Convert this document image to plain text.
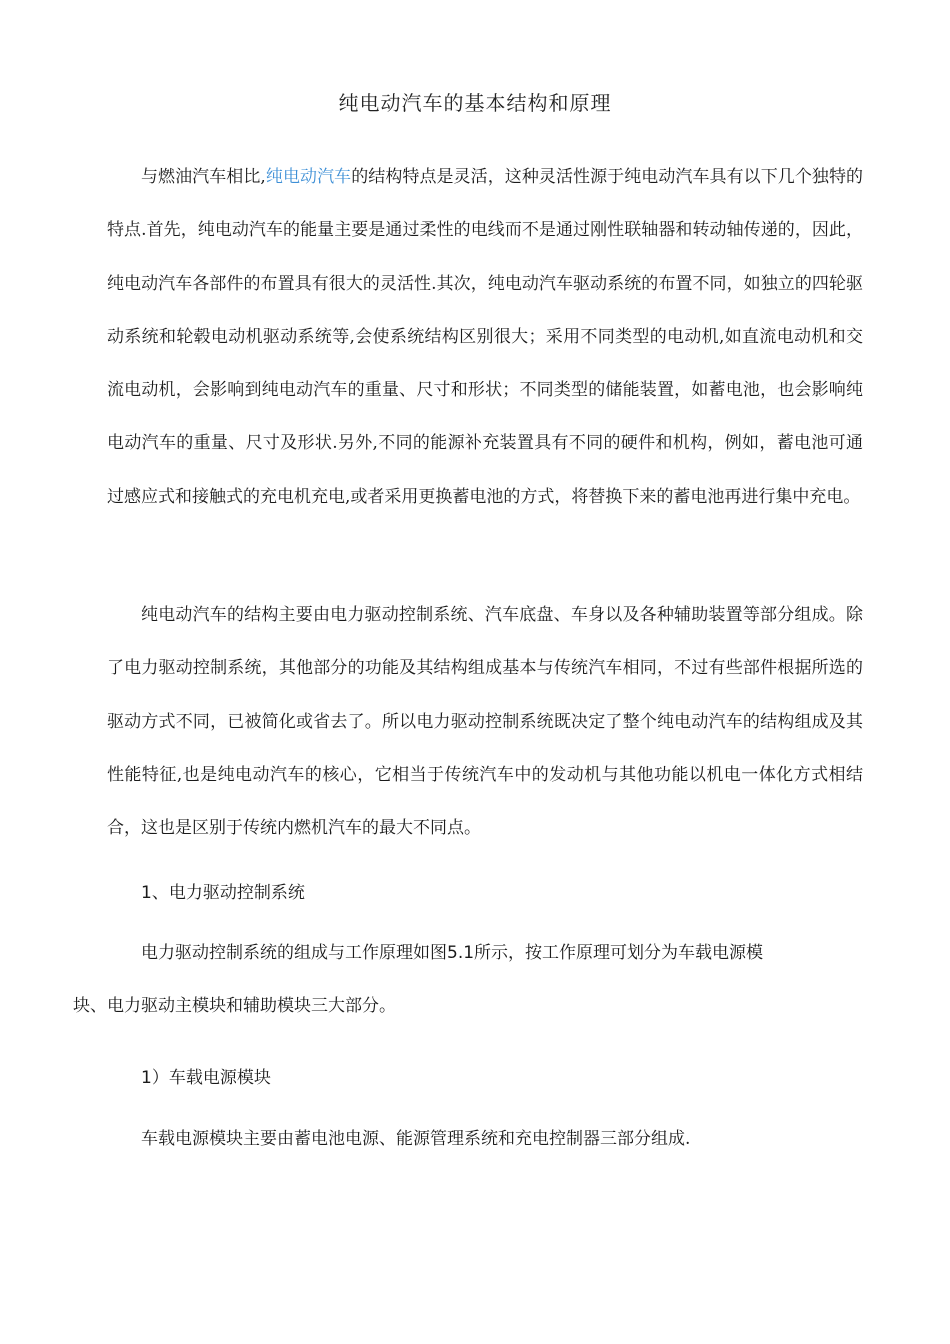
纯电动汽车的基本结构和原理

与燃油汽车相比,纯电动汽车的结构特点是灵活，这种灵活性源于纯电动汽车具有以下几个独特的特点.首先，纯电动汽车的能量主要是通过柔性的电线而不是通过刚性联轴器和转动轴传递的，因此，纯电动汽车各部件的布置具有很大的灵活性.其次，纯电动汽车驱动系统的布置不同，如独立的四轮驱动系统和轮毂电动机驱动系统等,会使系统结构区别很大；采用不同类型的电动机,如直流电动机和交流电动机，会影响到纯电动汽车的重量、尺寸和形状；不同类型的储能装置，如蓄电池，也会影响纯电动汽车的重量、尺寸及形状.另外,不同的能源补充装置具有不同的硬件和机构，例如，蓄电池可通过感应式和接触式的充电机充电,或者采用更换蓄电池的方式，将替换下来的蓄电池再进行集中充电。

纯电动汽车的结构主要由电力驱动控制系统、汽车底盘、车身以及各种辅助装置等部分组成。除了电力驱动控制系统，其他部分的功能及其结构组成基本与传统汽车相同，不过有些部件根据所选的驱动方式不同，已被简化或省去了。所以电力驱动控制系统既决定了整个纯电动汽车的结构组成及其性能特征,也是纯电动汽车的核心，它相当于传统汽车中的发动机与其他功能以机电一体化方式相结合，这也是区别于传统内燃机汽车的最大不同点。

1、电力驱动控制系统

电力驱动控制系统的组成与工作原理如图5.1所示，按工作原理可划分为车载电源模
块、电力驱动主模块和辅助模块三大部分。

1）车载电源模块

车载电源模块主要由蓄电池电源、能源管理系统和充电控制器三部分组成.
